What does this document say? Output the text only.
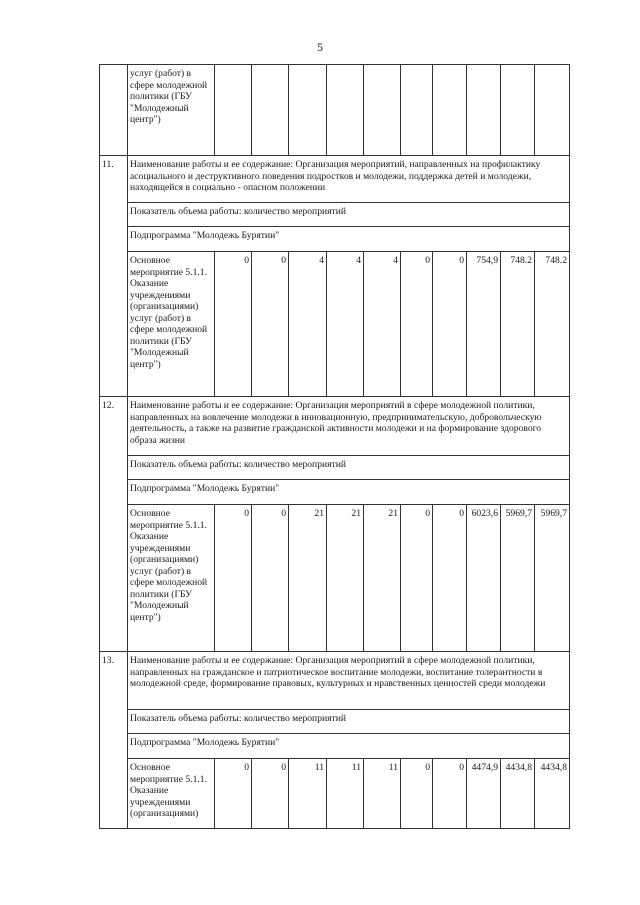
5
	услуг (работ) в сфере молодежной политики (ГБУ "Молодежный центр")										
11.	Наименование работы и ее содержание: Организация мероприятий, направленных на профилактику асоциального и деструктивного поведения подростков и молодежи, поддержка детей и молодежи, находящейся в социально - опасном положении										
	Показатель объема работы: количество мероприятий										
	Подпрограмма "Молодежь Бурятии"										
	Основное мероприятие 5.1.1. Оказание учреждениями (организациями) услуг (работ) в сфере молодежной политики (ГБУ "Молодежный центр")	0	0	4	4	4	0	0	754,9	748.2	748.2
12.	Наименование работы и ее содержание: Организация мероприятий в сфере молодежной политики, направленных на вовлечение молодежи в инновационную, предпринимательскую, добровольческую деятельность, а также на развитие гражданской активности молодежи и на формирование здорового образа жизни										
	Показатель объема работы: количество мероприятий										
	Подпрограмма "Молодежь Бурятии"										
	Основное мероприятие 5.1.1. Оказание учреждениями (организациями) услуг (работ) в сфере молодежной политики (ГБУ "Молодежный центр")	0	0	21	21	21	0	0	6023,6	5969,7	5969,7
13.	Наименование работы и ее содержание: Организация мероприятий в сфере молодежной политики, направленных на гражданское и патриотическое воспитание молодежи, воспитание толерантности в молодежной среде, формирование правовых, культурных и нравственных ценностей среди молодежи										
	Показатель объема работы: количество мероприятий										
	Подпрограмма "Молодежь Бурятии"										
	Основное мероприятие 5.1.1. Оказание учреждениями (организациями)	0	0	11	11	11	0	0	4474,9	4434,8	4434,8
